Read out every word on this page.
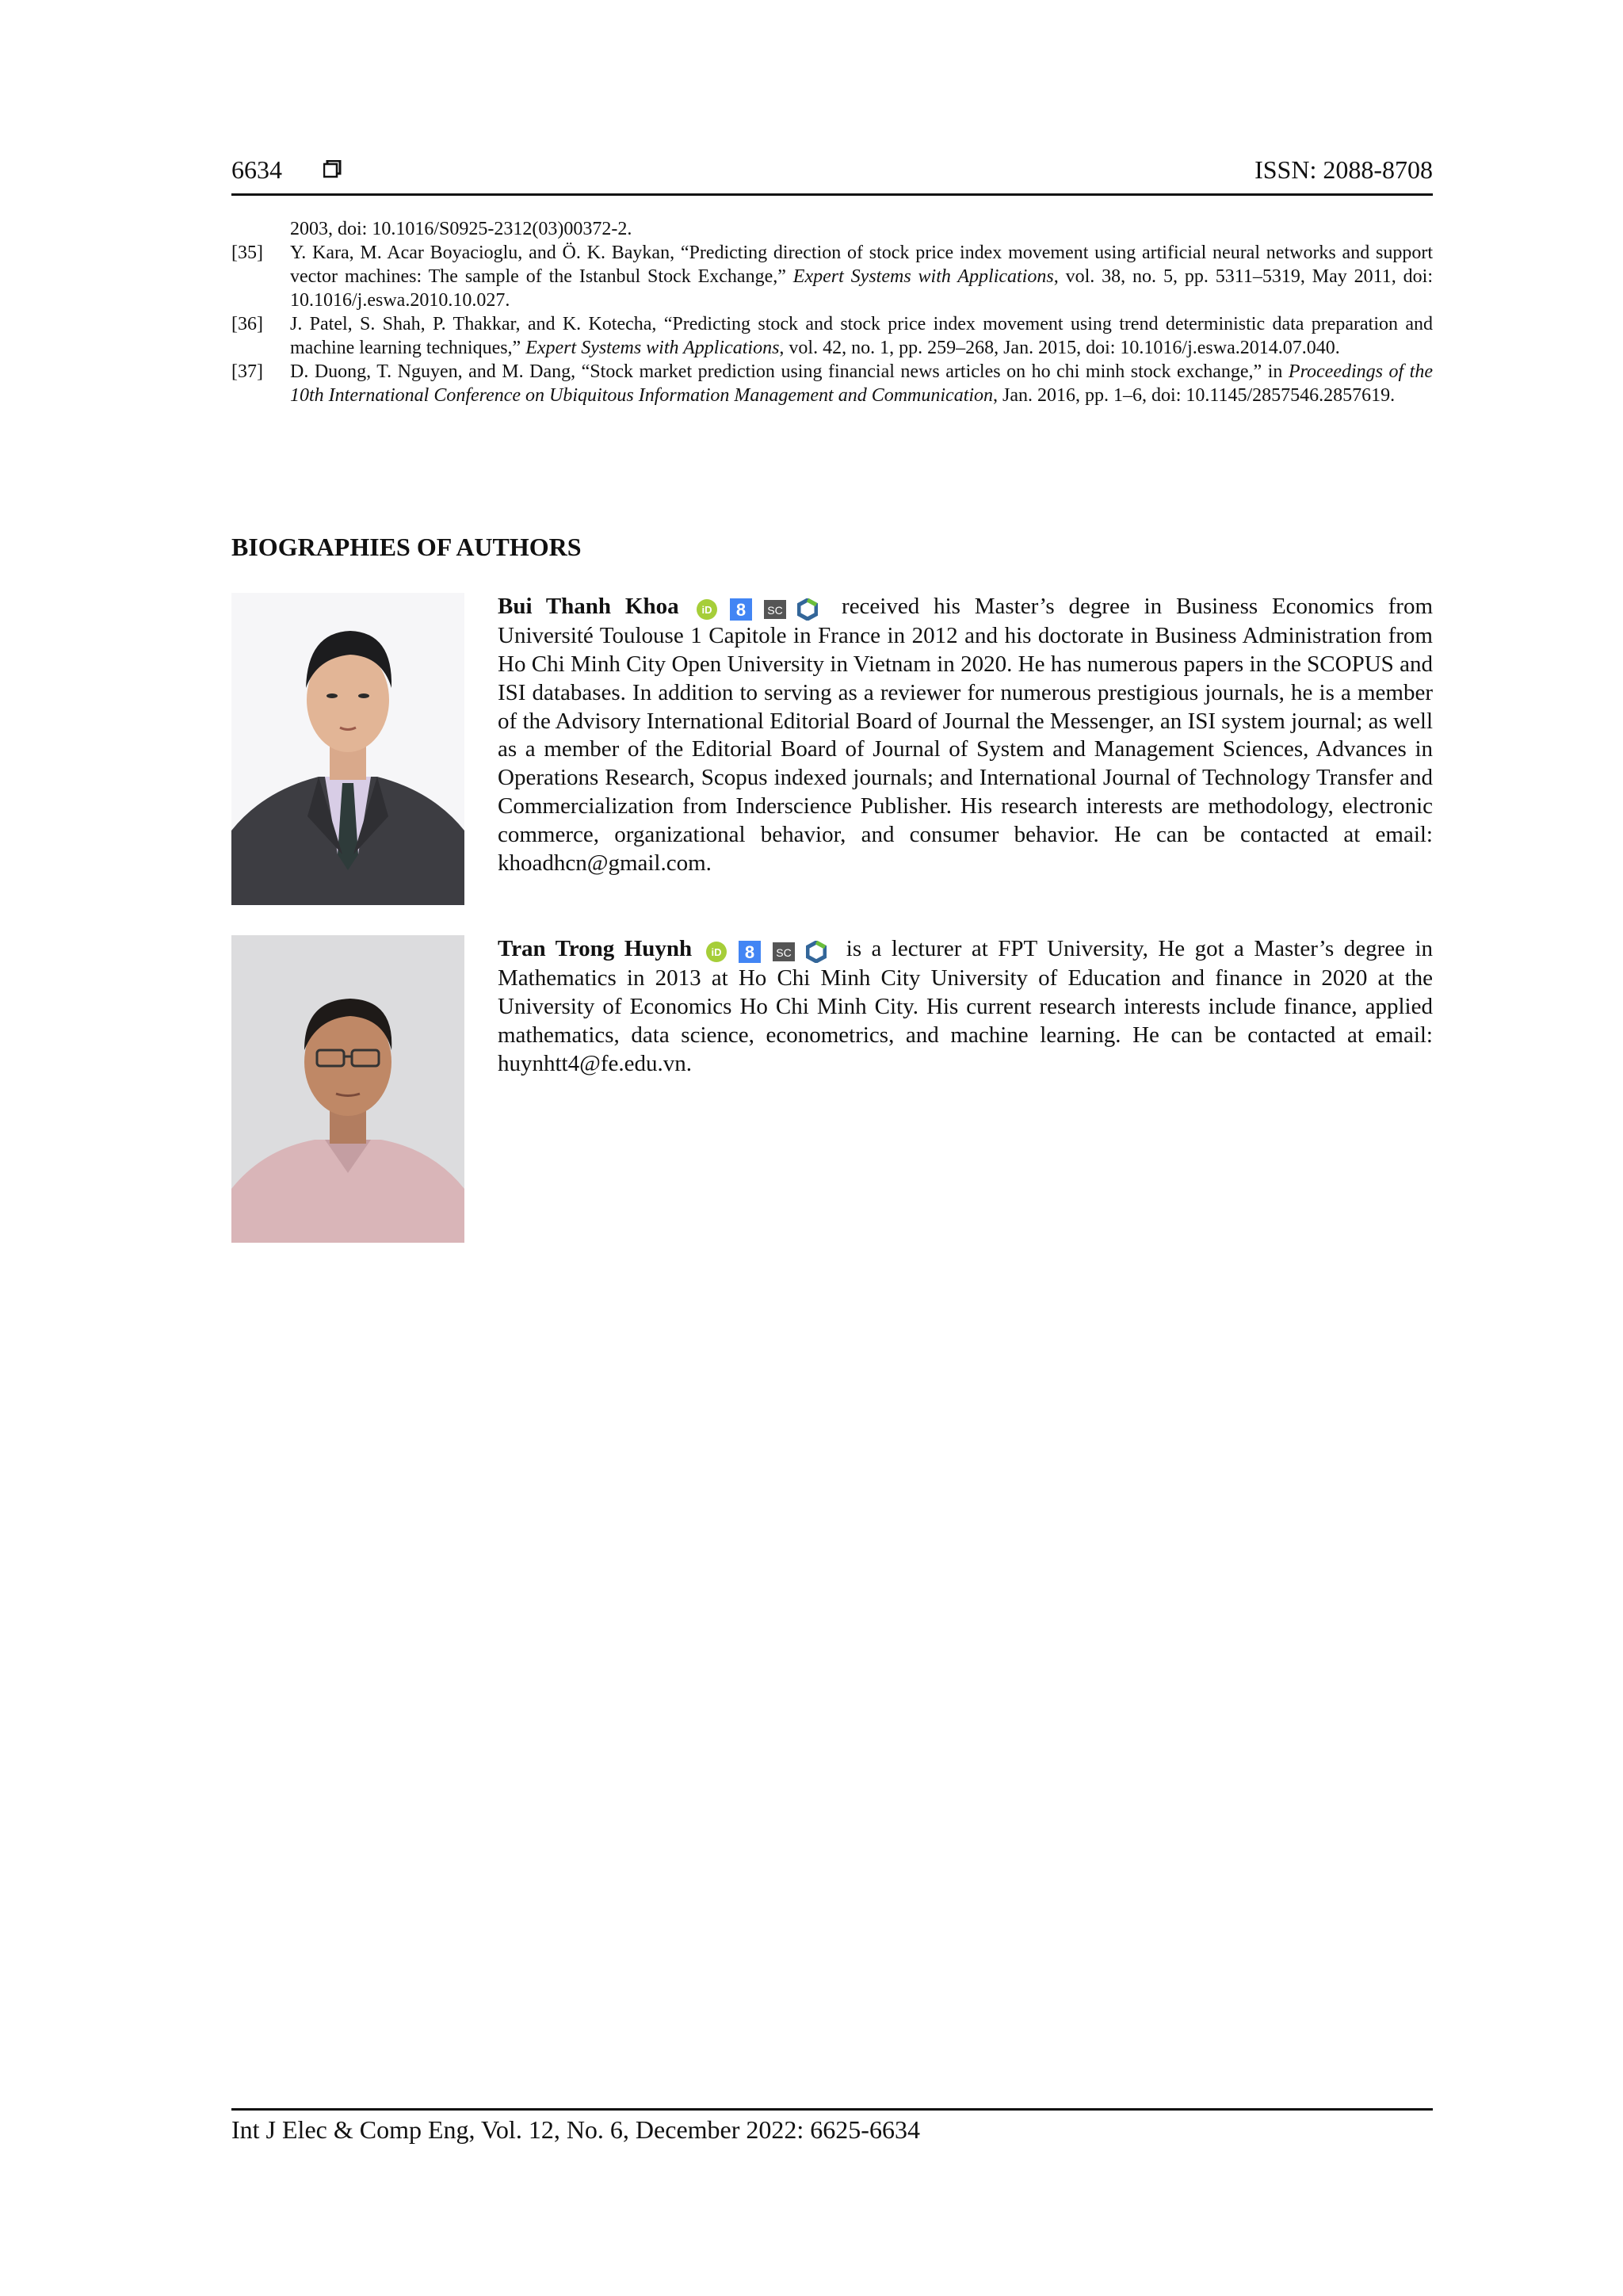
6634	ISSN: 2088-8708
2003, doi: 10.1016/S0925-2312(03)00372-2.
[35] Y. Kara, M. Acar Boyacioglu, and Ö. K. Baykan, “Predicting direction of stock price index movement using artificial neural networks and support vector machines: The sample of the Istanbul Stock Exchange,” Expert Systems with Applications, vol. 38, no. 5, pp. 5311–5319, May 2011, doi: 10.1016/j.eswa.2010.10.027.
[36] J. Patel, S. Shah, P. Thakkar, and K. Kotecha, “Predicting stock and stock price index movement using trend deterministic data preparation and machine learning techniques,” Expert Systems with Applications, vol. 42, no. 1, pp. 259–268, Jan. 2015, doi: 10.1016/j.eswa.2014.07.040.
[37] D. Duong, T. Nguyen, and M. Dang, “Stock market prediction using financial news articles on ho chi minh stock exchange,” in Proceedings of the 10th International Conference on Ubiquitous Information Management and Communication, Jan. 2016, pp. 1–6, doi: 10.1145/2857546.2857619.
BIOGRAPHIES OF AUTHORS
Bui Thanh Khoa iD
8
SC	received his Master’s degree in Business Economics from Université Toulouse 1 Capitole in France in 2012 and his doctorate in Business Administration from Ho Chi Minh City Open University in Vietnam in 2020. He has numerous papers in the SCOPUS and ISI databases. In addition to serving as a reviewer for numerous prestigious journals, he is a member of the Advisory International Editorial Board of Journal the Messenger, an ISI system journal; as well as a member of the Editorial Board of Journal of System and Management Sciences, Advances in Operations Research, Scopus indexed journals; and International Journal of Technology Transfer and Commercialization from Inderscience Publisher. His research interests are methodology, electronic commerce, organizational behavior, and consumer behavior. He can be contacted at email: khoadhcn@gmail.com.
Tran Trong Huynh iD
8
SC is a lecturer at FPT University, He got a Master’s degree in Mathematics in 2013 at Ho Chi Minh City University of Education and finance in 2020 at the University of Economics Ho Chi Minh City. His current research interests include finance, applied mathematics, data science, econometrics, and machine learning. He can be contacted at email: huynhtt4@fe.edu.vn.
Int J Elec & Comp Eng, Vol. 12, No. 6, December 2022: 6625-6634
